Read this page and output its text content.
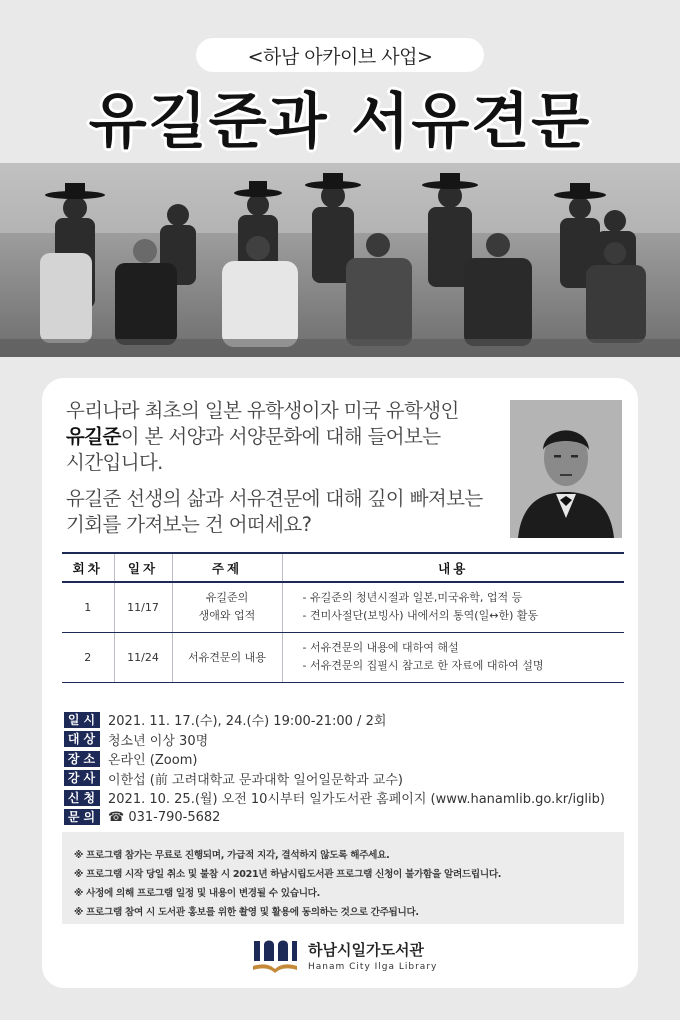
<하남 아카이브 사업>
유길준과 서유견문

우리나라 최초의 일본 유학생이자 미국 유학생인
유길준이 본 서양과 서양문화에 대해 들어보는
시간입니다.

유길준 선생의 삶과 서유견문에 대해 깊이 빠져보는
기회를 가져보는 건 어떠세요?

회차	일자	주제	내용
1	11/17	유길준의
생애와 업적	- 유길준의 청년시절과 일본,미국유학, 업적 등
- 견미사절단(보빙사) 내에서의 통역(일↔한) 활동
2	11/24	서유견문의 내용	- 서유견문의 내용에 대하여 해설
- 서유견문의 집필시 참고로 한 자료에 대하여 설명
일시 2021. 11. 17.(수), 24.(수) 19:00-21:00 / 2회
대상 청소년 이상 30명
장소 온라인 (Zoom)
강사 이한섭 (前 고려대학교 문과대학 일어일문학과 교수)
신청 2021. 10. 25.(월) 오전 10시부터 일가도서관 홈페이지 (www.hanamlib.go.kr/iglib)
문의 ☎ 031-790-5682
※ 프로그램 참가는 무료로 진행되며, 가급적 지각, 결석하지 않도록 해주세요.
※ 프로그램 시작 당일 취소 및 불참 시 2021년 하남시립도서관 프로그램 신청이 불가함을 알려드립니다.
※ 사정에 의해 프로그램 일정 및 내용이 변경될 수 있습니다.
※ 프로그램 참여 시 도서관 홍보를 위한 촬영 및 활용에 동의하는 것으로 간주됩니다.
하남시일가도서관
Hanam City Ilga Library
